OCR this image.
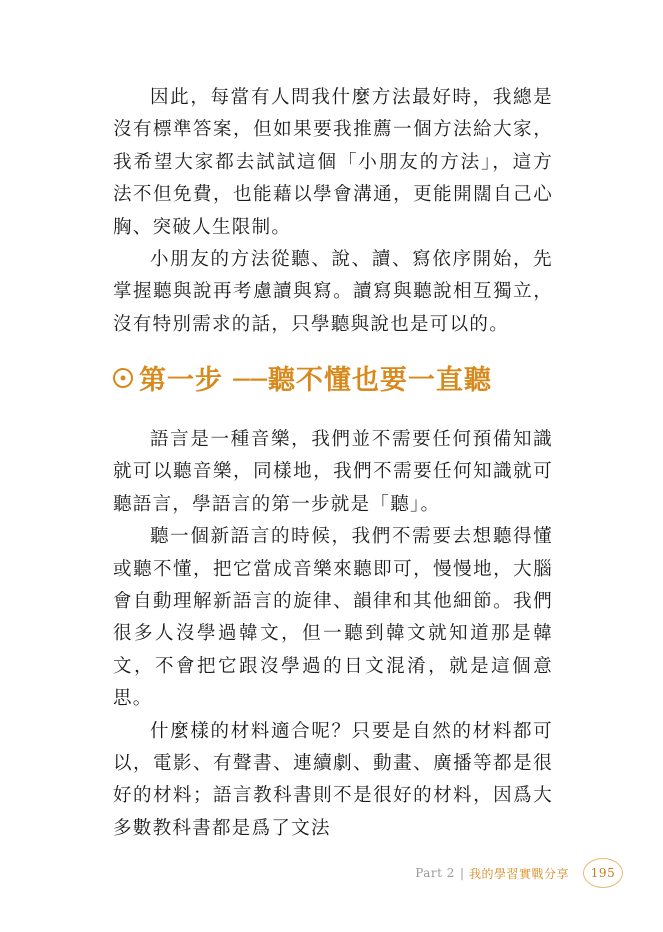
因此，每當有人問我什麼方法最好時，我總是沒有標準答案，但如果要我推薦一個方法給大家，我希望大家都去試試這個「小朋友的方法」，這方法不但免費，也能藉以學會溝通，更能開闊自己心胸、突破人生限制。

小朋友的方法從聽、說、讀、寫依序開始，先掌握聽與說再考慮讀與寫。讀寫與聽說相互獨立，沒有特別需求的話，只學聽與說也是可以的。

第一步 ──聽不懂也要一直聽

語言是一種音樂，我們並不需要任何預備知識就可以聽音樂，同樣地，我們不需要任何知識就可聽語言，學語言的第一步就是「聽」。

聽一個新語言的時候，我們不需要去想聽得懂或聽不懂，把它當成音樂來聽即可，慢慢地，大腦會自動理解新語言的旋律、韻律和其他細節。我們很多人沒學過韓文，但一聽到韓文就知道那是韓文，不會把它跟沒學過的日文混淆，就是這個意思。

什麼樣的材料適合呢？只要是自然的材料都可以，電影、有聲書、連續劇、動畫、廣播等都是很好的材料；語言教科書則不是很好的材料，因爲大多數教科書都是爲了文法

Part 2 | 我的學習實戰分享	195
